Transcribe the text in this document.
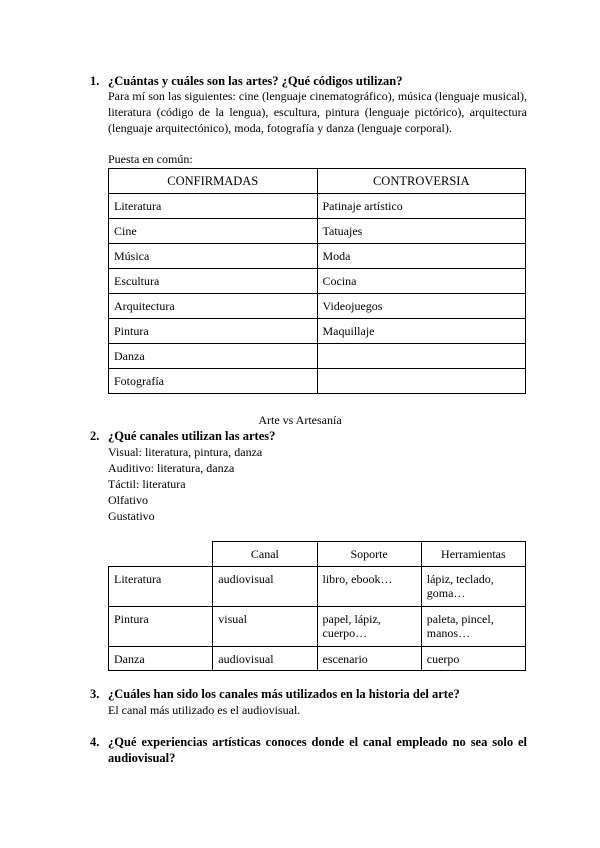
1. ¿Cuántas y cuáles son las artes? ¿Qué códigos utilizan?
Para mí son las siguientes: cine (lenguaje cinematográfico), música (lenguaje musical), literatura (código de la lengua), escultura, pintura (lenguaje pictórico), arquitectura (lenguaje arquitectónico), moda, fotografía y danza (lenguaje corporal).
Puesta en común:
CONFIRMADAS	CONTROVERSIA
Literatura	Patinaje artístico
Cine	Tatuajes
Música	Moda
Escultura	Cocina
Arquitectura	Videojuegos
Pintura	Maquillaje
Danza	
Fotografía	
Arte vs Artesanía
2. ¿Qué canales utilizan las artes?
Visual: literatura, pintura, danza
Auditivo: literatura, danza
Táctil: literatura
Olfativo
Gustativo
	Canal	Soporte	Herramientas
Literatura	audiovisual	libro, ebook…	lápiz, teclado, goma…
Pintura	visual	papel, lápiz, cuerpo…	paleta, pincel, manos…
Danza	audiovisual	escenario	cuerpo
3. ¿Cuáles han sido los canales más utilizados en la historia del arte?
El canal más utilizado es el audiovisual.
4. ¿Qué experiencias artísticas conoces donde el canal empleado no sea solo el audiovisual?
